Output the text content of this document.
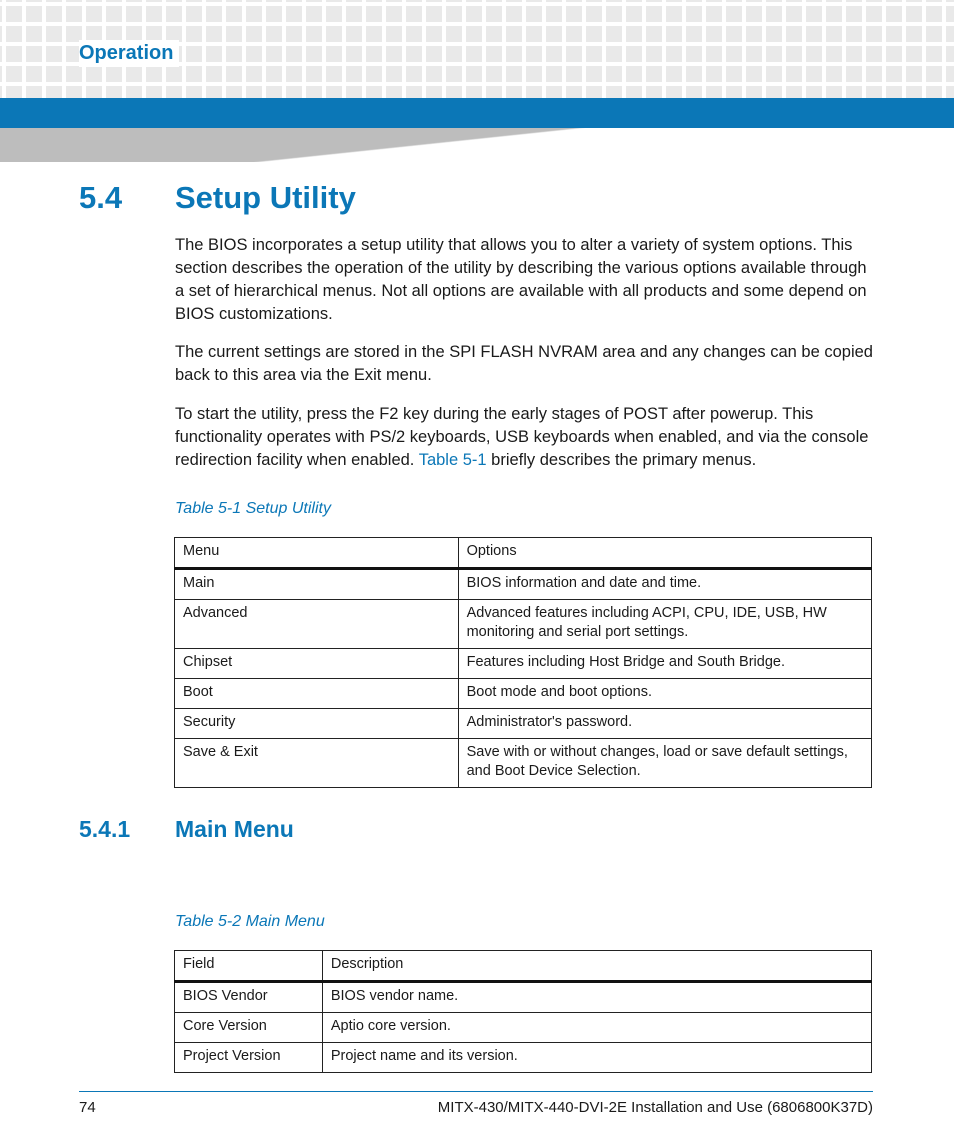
Operation

5.4 Setup Utility

The BIOS incorporates a setup utility that allows you to alter a variety of system options. This section describes the operation of the utility by describing the various options available through a set of hierarchical menus. Not all options are available with all products and some depend on BIOS customizations.

The current settings are stored in the SPI FLASH NVRAM area and any changes can be copied back to this area via the Exit menu.

To start the utility, press the F2 key during the early stages of POST after powerup. This functionality operates with PS/2 keyboards, USB keyboards when enabled, and via the console redirection facility when enabled. Table 5-1 briefly describes the primary menus.

Table 5-1 Setup Utility

Menu	Options
Main	BIOS information and date and time.
Advanced	Advanced features including ACPI, CPU, IDE, USB, HW monitoring and serial port settings.
Chipset	Features including Host Bridge and South Bridge.
Boot	Boot mode and boot options.
Security	Administrator's password.
Save & Exit	Save with or without changes, load or save default settings, and Boot Device Selection.
5.4.1 Main Menu

Table 5-2 Main Menu

Field	Description
BIOS Vendor	BIOS vendor name.
Core Version	Aptio core version.
Project Version	Project name and its version.

74	MITX-430/MITX-440-DVI-2E Installation and Use (6806800K37D)
